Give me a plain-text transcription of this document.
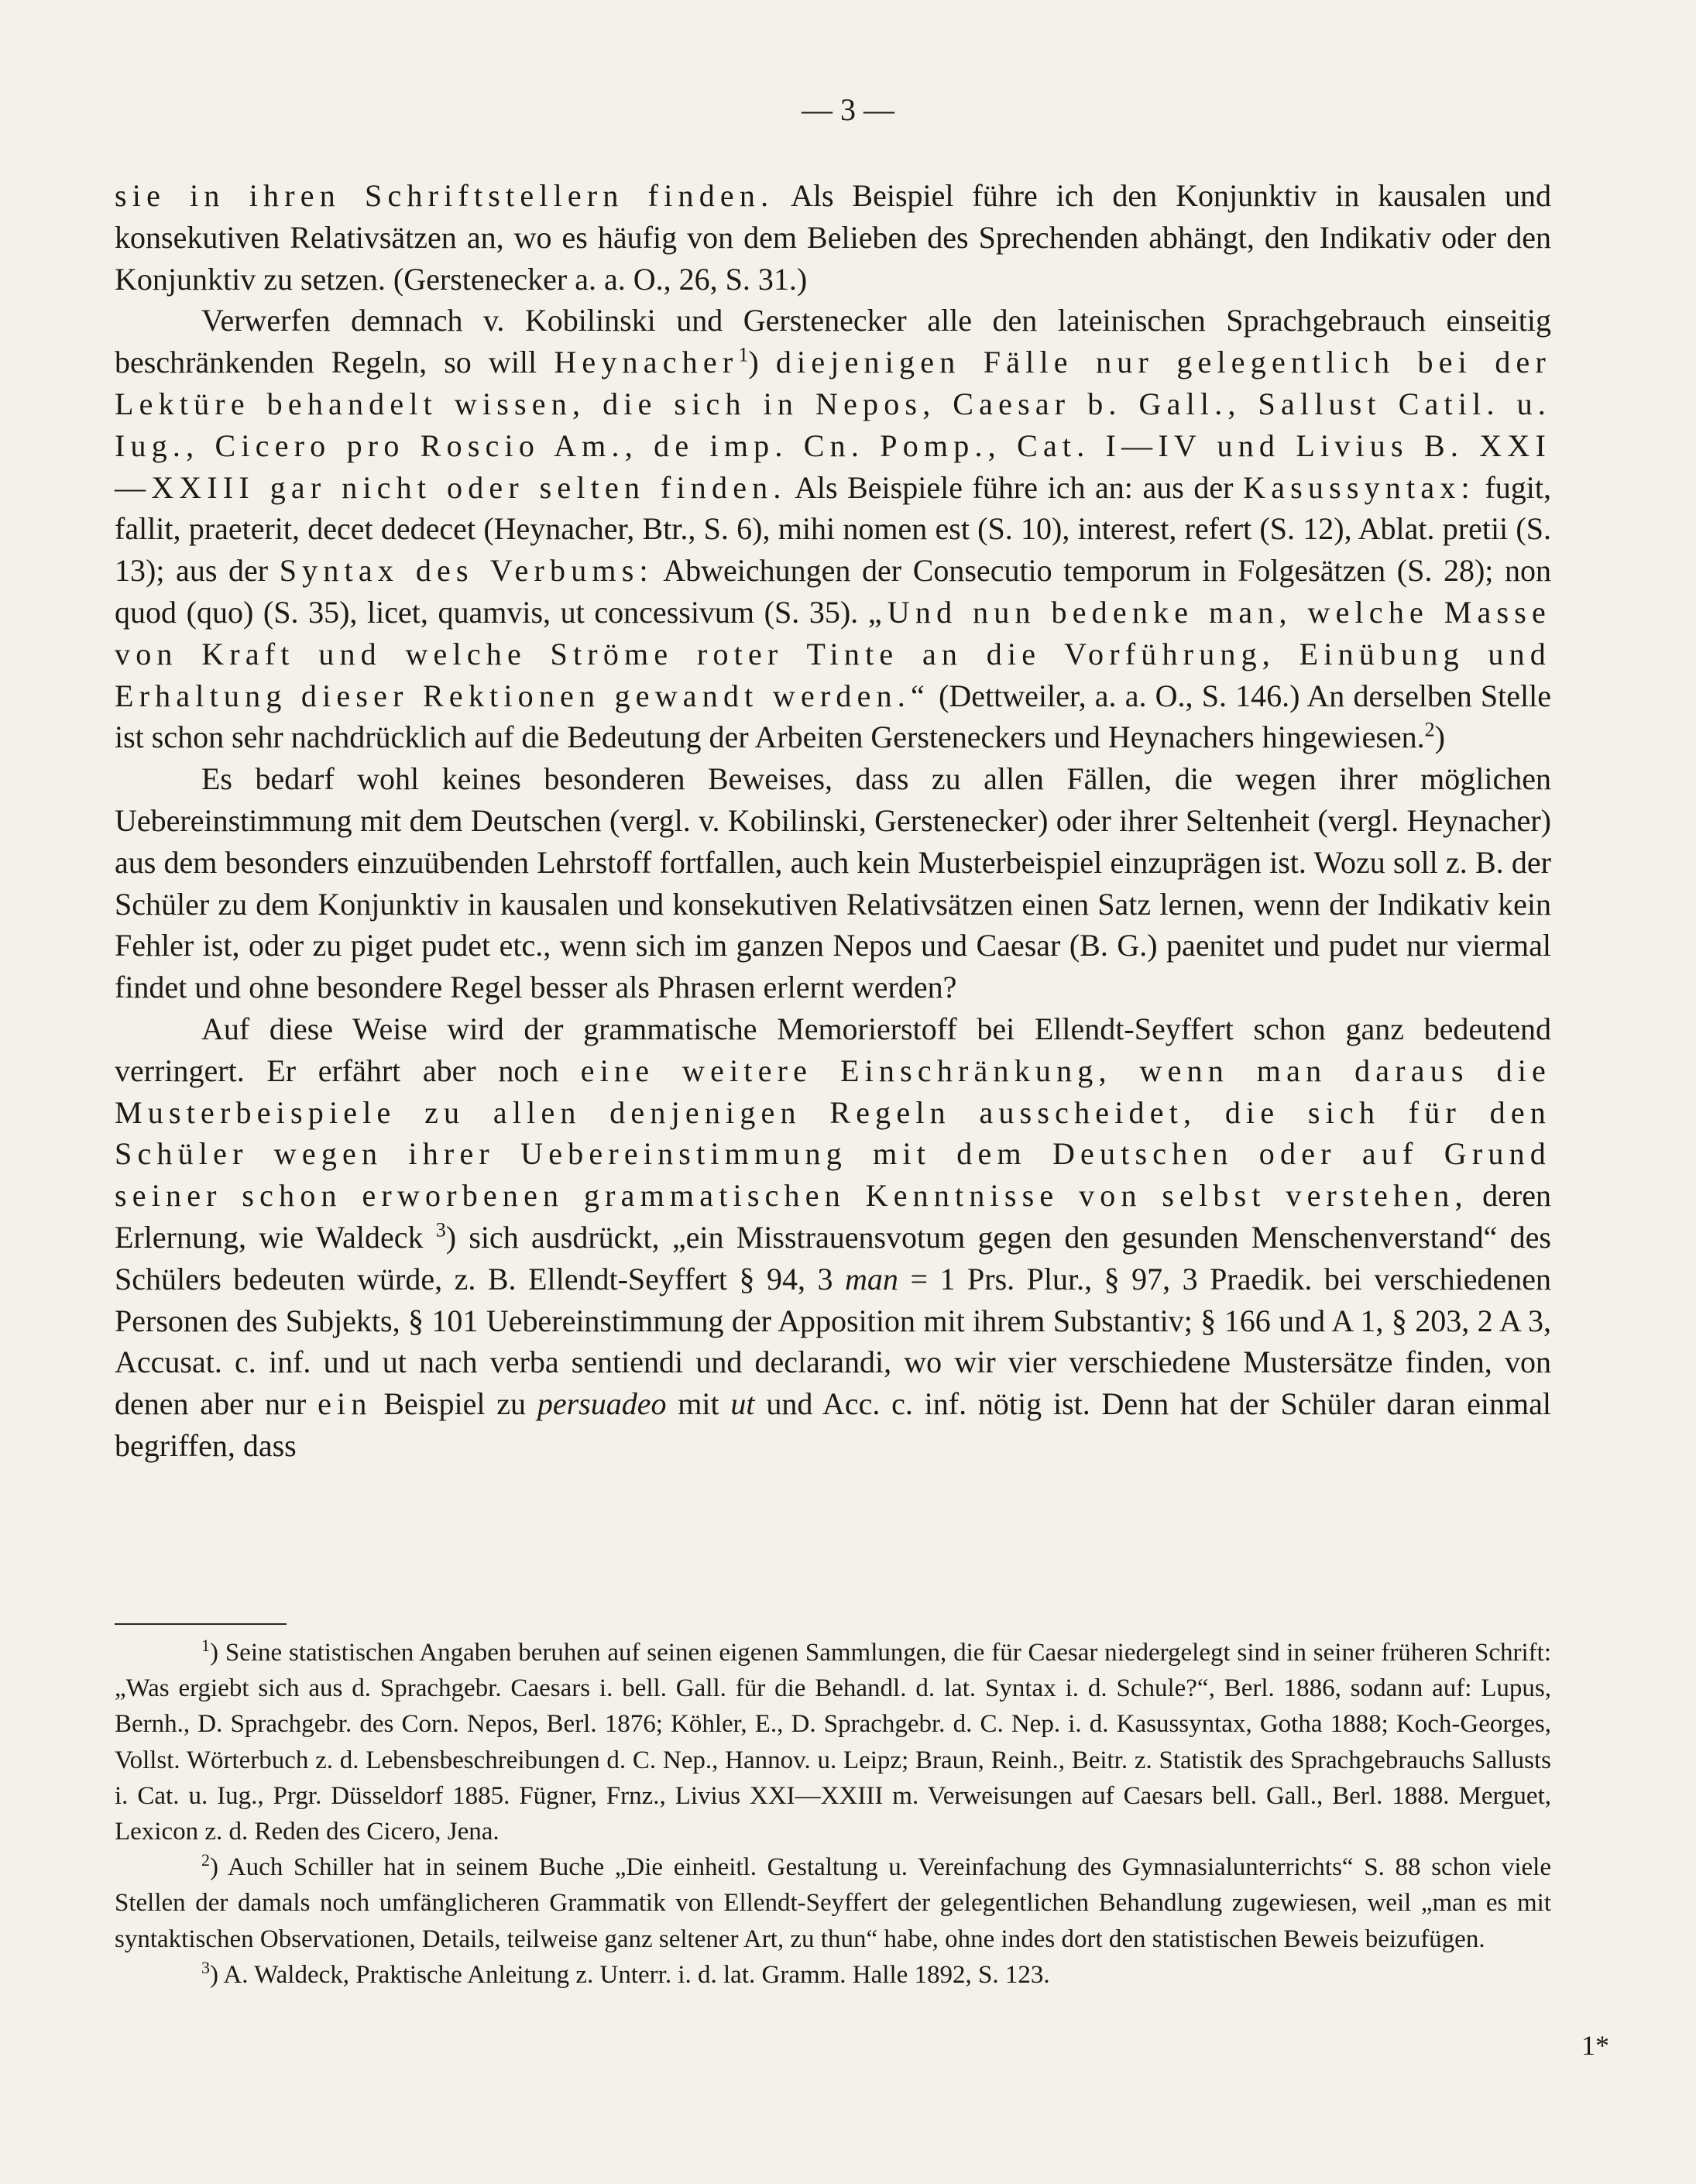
— 3 —

sie in ihren Schriftstellern finden. Als Beispiel führe ich den Konjunktiv in kausalen und konsekutiven Relativsätzen an, wo es häufig von dem Belieben des Sprechenden abhängt, den Indikativ oder den Konjunktiv zu setzen. (Gerstenecker a. a. O., 26, S. 31.)

Verwerfen demnach v. Kobilinski und Gerstenecker alle den lateinischen Sprachgebrauch einseitig beschränkenden Regeln, so will Heynacher$^1$) diejenigen Fälle nur gelegentlich bei der Lektüre behandelt wissen, die sich in Nepos, Caesar b. Gall., Sallust Catil. u. Iug., Cicero pro Roscio Am., de imp. Cn. Pomp., Cat. I—IV und Livius B. XXI—XXIII gar nicht oder selten finden. Als Beispiele führe ich an: aus der Kasussyntax: fugit, fallit, praeterit, decet dedecet (Heynacher, Btr., S. 6), mihi nomen est (S. 10), interest, refert (S. 12), Ablat. pretii (S. 13); aus der Syntax des Verbums: Abweichungen der Consecutio temporum in Folgesätzen (S. 28); non quod (quo) (S. 35), licet, quamvis, ut concessivum (S. 35). „Und nun bedenke man, welche Masse von Kraft und welche Ströme roter Tinte an die Vorführung, Einübung und Erhaltung dieser Rektionen gewandt werden.“ (Dettweiler, a. a. O., S. 146.) An derselben Stelle ist schon sehr nachdrücklich auf die Bedeutung der Arbeiten Gersteneckers und Heynachers hingewiesen.$^2$)

Es bedarf wohl keines besonderen Beweises, dass zu allen Fällen, die wegen ihrer möglichen Uebereinstimmung mit dem Deutschen (vergl. v. Kobilinski, Gerstenecker) oder ihrer Seltenheit (vergl. Heynacher) aus dem besonders einzuübenden Lehrstoff fortfallen, auch kein Musterbeispiel einzuprägen ist. Wozu soll z. B. der Schüler zu dem Konjunktiv in kausalen und konsekutiven Relativsätzen einen Satz lernen, wenn der Indikativ kein Fehler ist, oder zu piget pudet etc., wenn sich im ganzen Nepos und Caesar (B. G.) paenitet und pudet nur viermal findet und ohne besondere Regel besser als Phrasen erlernt werden?

Auf diese Weise wird der grammatische Memorierstoff bei Ellendt-Seyffert schon ganz bedeutend verringert. Er erfährt aber noch eine weitere Einschränkung, wenn man daraus die Musterbeispiele zu allen denjenigen Regeln ausscheidet, die sich für den Schüler wegen ihrer Uebereinstimmung mit dem Deutschen oder auf Grund seiner schon erworbenen grammatischen Kenntnisse von selbst verstehen, deren Erlernung, wie Waldeck $^3$) sich ausdrückt, „ein Misstrauensvotum gegen den gesunden Menschenverstand“ des Schülers bedeuten würde, z. B. Ellendt-Seyffert § 94, 3 man = 1 Prs. Plur., § 97, 3 Praedik. bei verschiedenen Personen des Subjekts, § 101 Uebereinstimmung der Apposition mit ihrem Substantiv; § 166 und A 1, § 203, 2 A 3, Accusat. c. inf. und ut nach verba sentiendi und declarandi, wo wir vier verschiedene Mustersätze finden, von denen aber nur ein Beispiel zu persuadeo mit ut und Acc. c. inf. nötig ist. Denn hat der Schüler daran einmal begriffen, dass

$^1$) Seine statistischen Angaben beruhen auf seinen eigenen Sammlungen, die für Caesar niedergelegt sind in seiner früheren Schrift: „Was ergiebt sich aus d. Sprachgebr. Caesars i. bell. Gall. für die Behandl. d. lat. Syntax i. d. Schule?“, Berl. 1886, sodann auf: Lupus, Bernh., D. Sprachgebr. des Corn. Nepos, Berl. 1876; Köhler, E., D. Sprachgebr. d. C. Nep. i. d. Kasussyntax, Gotha 1888; Koch-Georges, Vollst. Wörterbuch z. d. Lebensbeschreibungen d. C. Nep., Hannov. u. Leipz; Braun, Reinh., Beitr. z. Statistik des Sprachgebrauchs Sallusts i. Cat. u. Iug., Prgr. Düsseldorf 1885. Fügner, Frnz., Livius XXI—XXIII m. Verweisungen auf Caesars bell. Gall., Berl. 1888. Merguet, Lexicon z. d. Reden des Cicero, Jena.

$^2$) Auch Schiller hat in seinem Buche „Die einheitl. Gestaltung u. Vereinfachung des Gymnasialunterrichts“ S. 88 schon viele Stellen der damals noch umfänglicheren Grammatik von Ellendt-Seyffert der gelegentlichen Behandlung zugewiesen, weil „man es mit syntaktischen Observationen, Details, teilweise ganz seltener Art, zu thun“ habe, ohne indes dort den statistischen Beweis beizufügen.

$^3$) A. Waldeck, Praktische Anleitung z. Unterr. i. d. lat. Gramm. Halle 1892, S. 123.

1*
